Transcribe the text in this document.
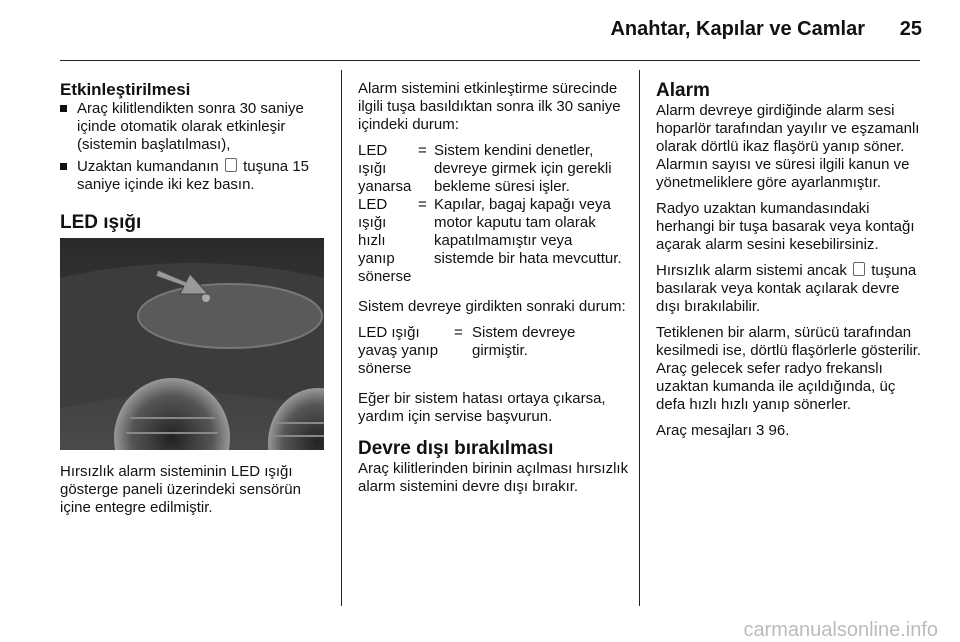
Anahtar, Kapılar ve Camlar 25
Etkinleştirilmesi
Araç kilitlendikten sonra 30 saniye içinde otomatik olarak etkinleşir (sistemin başlatılması),
Uzaktan kumandanın tuşuna 15 saniye içinde iki kez basın.
LED ışığı
Hırsızlık alarm sisteminin LED ışığı gösterge paneli üzerindeki sensörün içine entegre edilmiştir.

Alarm sistemini etkinleştirme sürecinde ilgili tuşa basıldıktan sonra ilk 30 saniye içindeki durum:

LED ışığı yanarsa	=	Sistem kendini denetler, devreye girmek için gerekli bekleme süresi işler.
LED ışığı hızlı yanıp sönerse	=	Kapılar, bagaj kapağı veya motor kaputu tam olarak kapatılmamıştır veya sistemde bir hata mevcuttur.

Sistem devreye girdikten sonraki durum:

LED ışığı yavaş yanıp sönerse	=	Sistem devreye girmiştir.

Eğer bir sistem hatası ortaya çıkarsa, yardım için servise başvurun.

Devre dışı bırakılması

Araç kilitlerinden birinin açılması hırsızlık alarm sistemini devre dışı bırakır.

Alarm

Alarm devreye girdiğinde alarm sesi hoparlör tarafından yayılır ve eşzamanlı olarak dörtlü ikaz flaşörü yanıp söner. Alarmın sayısı ve süresi ilgili kanun ve yönetmeliklere göre ayarlanmıştır.

Radyo uzaktan kumandasındaki herhangi bir tuşa basarak veya kontağı açarak alarm sesini kesebilirsiniz.

Hırsızlık alarm sistemi ancak tuşuna basılarak veya kontak açılarak devre dışı bırakılabilir.

Tetiklenen bir alarm, sürücü tarafından kesilmedi ise, dörtlü flaşörlerle gösterilir. Araç gelecek sefer radyo frekanslı uzaktan kumanda ile açıldığında, üç defa hızlı hızlı yanıp sönerler.

Araç mesajları 3 96.

carmanualsonline.info
